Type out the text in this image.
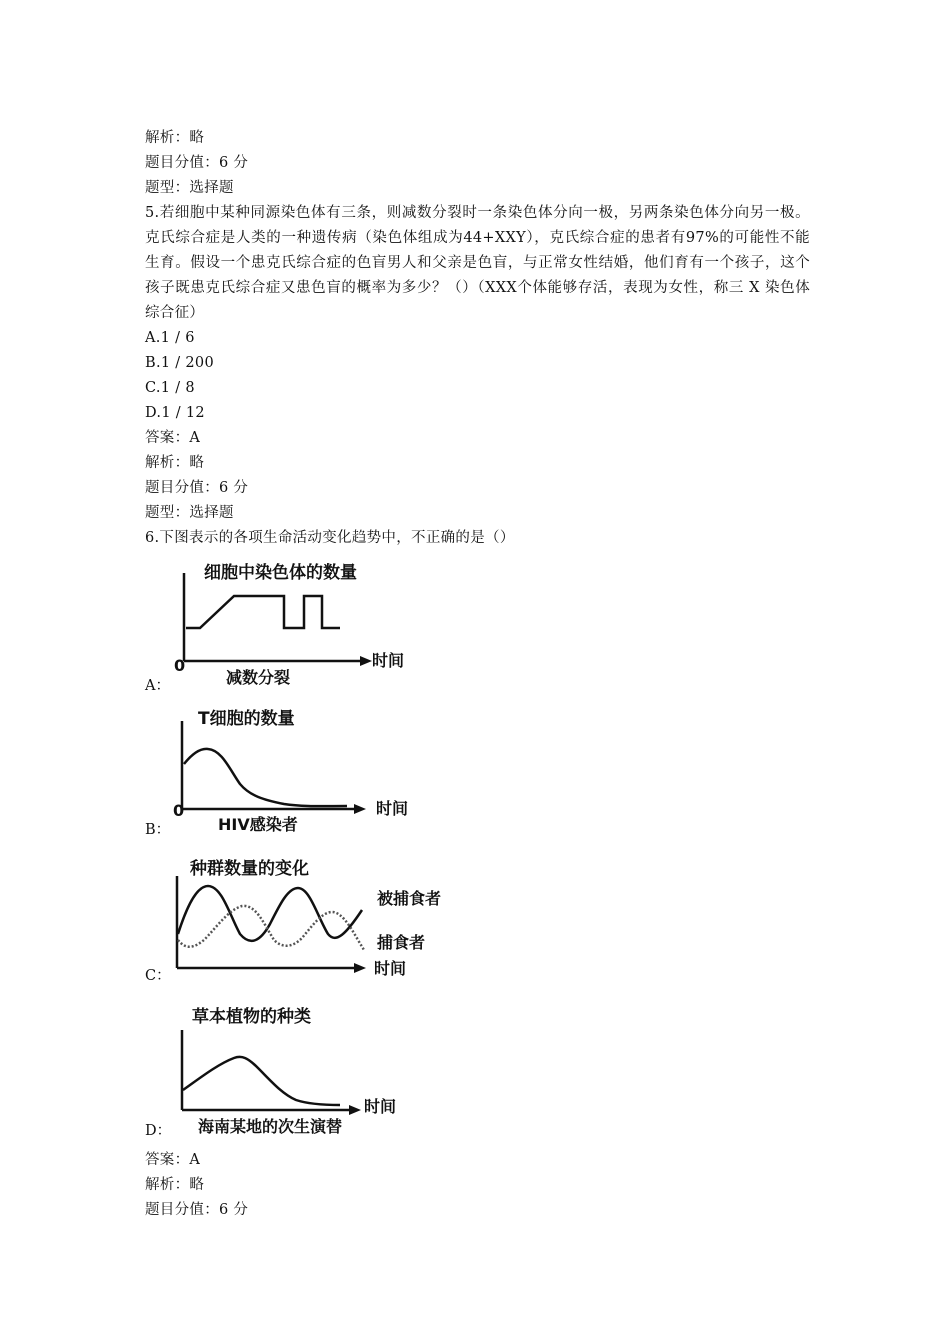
解析：略
题目分值：6 分
题型：选择题
5.若细胞中某种同源染色体有三条，则减数分裂时一条染色体分向一极，另两条染色体分向另一极。克氏综合症是人类的一种遗传病（染色体组成为44+XXY），克氏综合症的患者有97%的可能性不能生育。假设一个患克氏综合症的色盲男人和父亲是色盲，与正常女性结婚，他们育有一个孩子，这个孩子既患克氏综合症又患色盲的概率为多少？（）（XXX个体能够存活，表现为女性，称三 X 染色体综合征）
A.1 / 6
B.1 / 200
C.1 / 8
D.1 / 12
答案：A
解析：略
题目分值：6 分
题型：选择题
6.下图表示的各项生命活动变化趋势中，不正确的是（）
细胞中染色体的数量
0	时间
减数分裂
A：
T细胞的数量
0	时间
HIV感染者
B：
种群数量的变化
被捕食者
捕食者
时间
C：
草本植物的种类
时间
海南某地的次生演替
D：
答案：A
解析：略
题目分值：6 分
